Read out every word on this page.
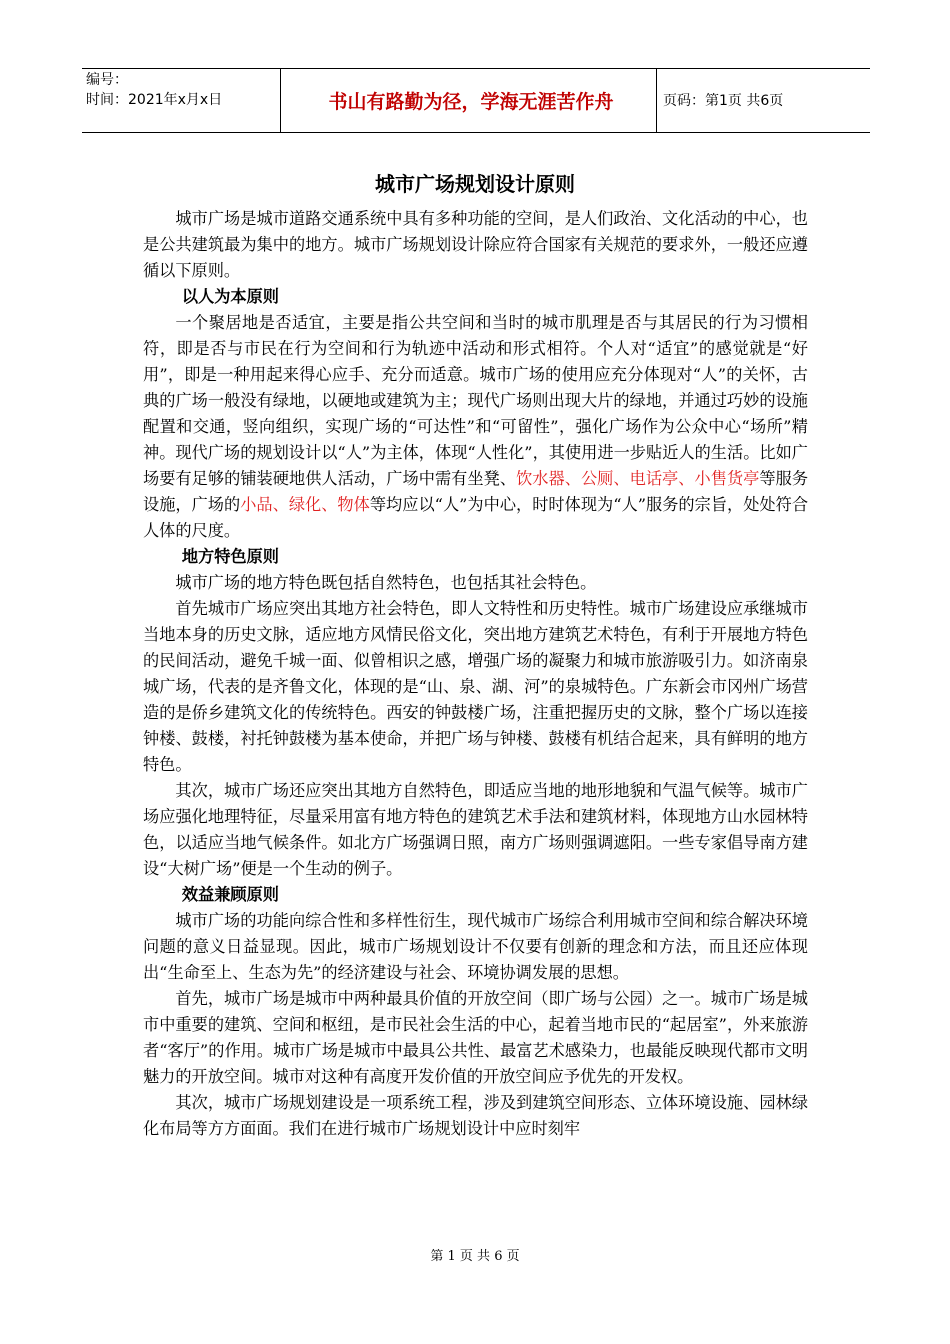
编号：
时间：2021年x月x日	书山有路勤为径，学海无涯苦作舟	页码：第1页 共6页
城市广场规划设计原则

城市广场是城市道路交通系统中具有多种功能的空间，是人们政治、文化活动的中心，也是公共建筑最为集中的地方。城市广场规划设计除应符合国家有关规范的要求外，一般还应遵循以下原则。

以人为本原则

一个聚居地是否适宜，主要是指公共空间和当时的城市肌理是否与其居民的行为习惯相符，即是否与市民在行为空间和行为轨迹中活动和形式相符。个人对“适宜”的感觉就是“好用”，即是一种用起来得心应手、充分而适意。城市广场的使用应充分体现对“人”的关怀，古典的广场一般没有绿地，以硬地或建筑为主；现代广场则出现大片的绿地，并通过巧妙的设施配置和交通，竖向组织，实现广场的“可达性”和“可留性”，强化广场作为公众中心“场所”精神。现代广场的规划设计以“人”为主体，体现“人性化”，其使用进一步贴近人的生活。比如广场要有足够的铺装硬地供人活动，广场中需有坐凳、饮水器、公厕、电话亭、小售货亭等服务设施，广场的小品、绿化、物体等均应以“人”为中心，时时体现为“人”服务的宗旨，处处符合人体的尺度。

地方特色原则

城市广场的地方特色既包括自然特色，也包括其社会特色。

首先城市广场应突出其地方社会特色，即人文特性和历史特性。城市广场建设应承继城市当地本身的历史文脉，适应地方风情民俗文化，突出地方建筑艺术特色，有利于开展地方特色的民间活动，避免千城一面、似曾相识之感，增强广场的凝聚力和城市旅游吸引力。如济南泉城广场，代表的是齐鲁文化，体现的是“山、泉、湖、河”的泉城特色。广东新会市冈州广场营造的是侨乡建筑文化的传统特色。西安的钟鼓楼广场，注重把握历史的文脉，整个广场以连接钟楼、鼓楼，衬托钟鼓楼为基本使命，并把广场与钟楼、鼓楼有机结合起来，具有鲜明的地方特色。

其次，城市广场还应突出其地方自然特色，即适应当地的地形地貌和气温气候等。城市广场应强化地理特征，尽量采用富有地方特色的建筑艺术手法和建筑材料，体现地方山水园林特色，以适应当地气候条件。如北方广场强调日照，南方广场则强调遮阳。一些专家倡导南方建设“大树广场”便是一个生动的例子。

效益兼顾原则

城市广场的功能向综合性和多样性衍生，现代城市广场综合利用城市空间和综合解决环境问题的意义日益显现。因此，城市广场规划设计不仅要有创新的理念和方法，而且还应体现出“生命至上、生态为先”的经济建设与社会、环境协调发展的思想。

首先，城市广场是城市中两种最具价值的开放空间（即广场与公园）之一。城市广场是城市中重要的建筑、空间和枢纽，是市民社会生活的中心，起着当地市民的“起居室”，外来旅游者“客厅”的作用。城市广场是城市中最具公共性、最富艺术感染力，也最能反映现代都市文明魅力的开放空间。城市对这种有高度开发价值的开放空间应予优先的开发权。

其次，城市广场规划建设是一项系统工程，涉及到建筑空间形态、立体环境设施、园林绿化布局等方方面面。我们在进行城市广场规划设计中应时刻牢

第 1 页 共 6 页
